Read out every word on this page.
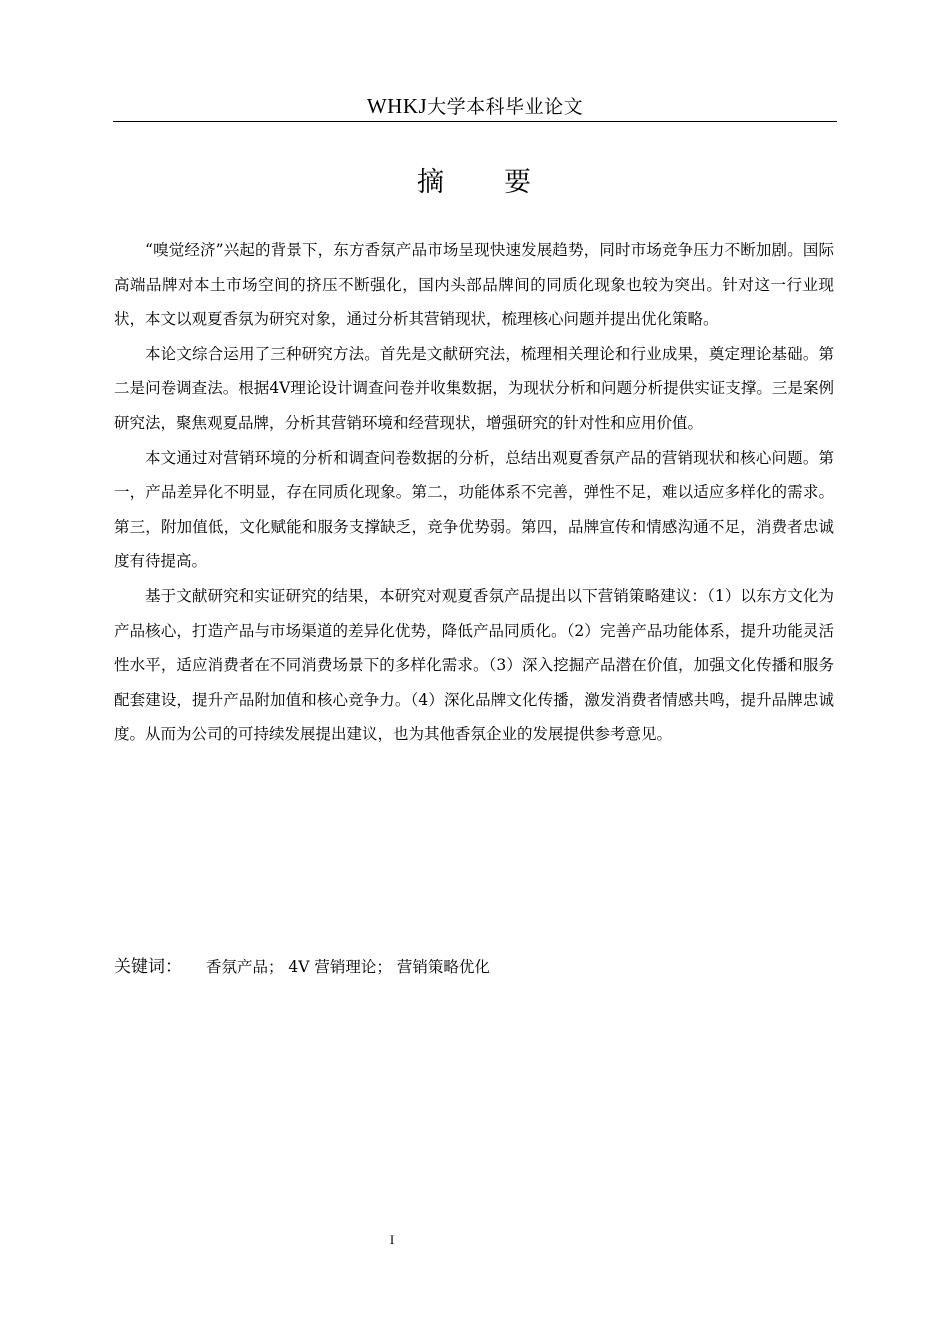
WHKJ大学本科毕业论文
摘 要

“嗅觉经济”兴起的背景下，东方香氛产品市场呈现快速发展趋势，同时市场竞争压力不断加剧。国际高端品牌对本土市场空间的挤压不断强化，国内头部品牌间的同质化现象也较为突出。针对这一行业现状，本文以观夏香氛为研究对象，通过分析其营销现状，梳理核心问题并提出优化策略。

本论文综合运用了三种研究方法。首先是文献研究法，梳理相关理论和行业成果，奠定理论基础。第二是问卷调查法。根据4V理论设计调查问卷并收集数据，为现状分析和问题分析提供实证支撑。三是案例研究法，聚焦观夏品牌，分析其营销环境和经营现状，增强研究的针对性和应用价值。

本文通过对营销环境的分析和调查问卷数据的分析，总结出观夏香氛产品的营销现状和核心问题。第一，产品差异化不明显，存在同质化现象。第二，功能体系不完善，弹性不足，难以适应多样化的需求。第三，附加值低，文化赋能和服务支撑缺乏，竞争优势弱。第四，品牌宣传和情感沟通不足，消费者忠诚度有待提高。

基于文献研究和实证研究的结果，本研究对观夏香氛产品提出以下营销策略建议：（1）以东方文化为产品核心，打造产品与市场渠道的差异化优势，降低产品同质化。（2）完善产品功能体系，提升功能灵活性水平，适应消费者在不同消费场景下的多样化需求。（3）深入挖掘产品潜在价值，加强文化传播和服务配套建设，提升产品附加值和核心竞争力。（4）深化品牌文化传播，激发消费者情感共鸣，提升品牌忠诚度。从而为公司的可持续发展提出建议，也为其他香氛企业的发展提供参考意见。

关键词： 香氛产品； 4V 营销理论； 营销策略优化
I
